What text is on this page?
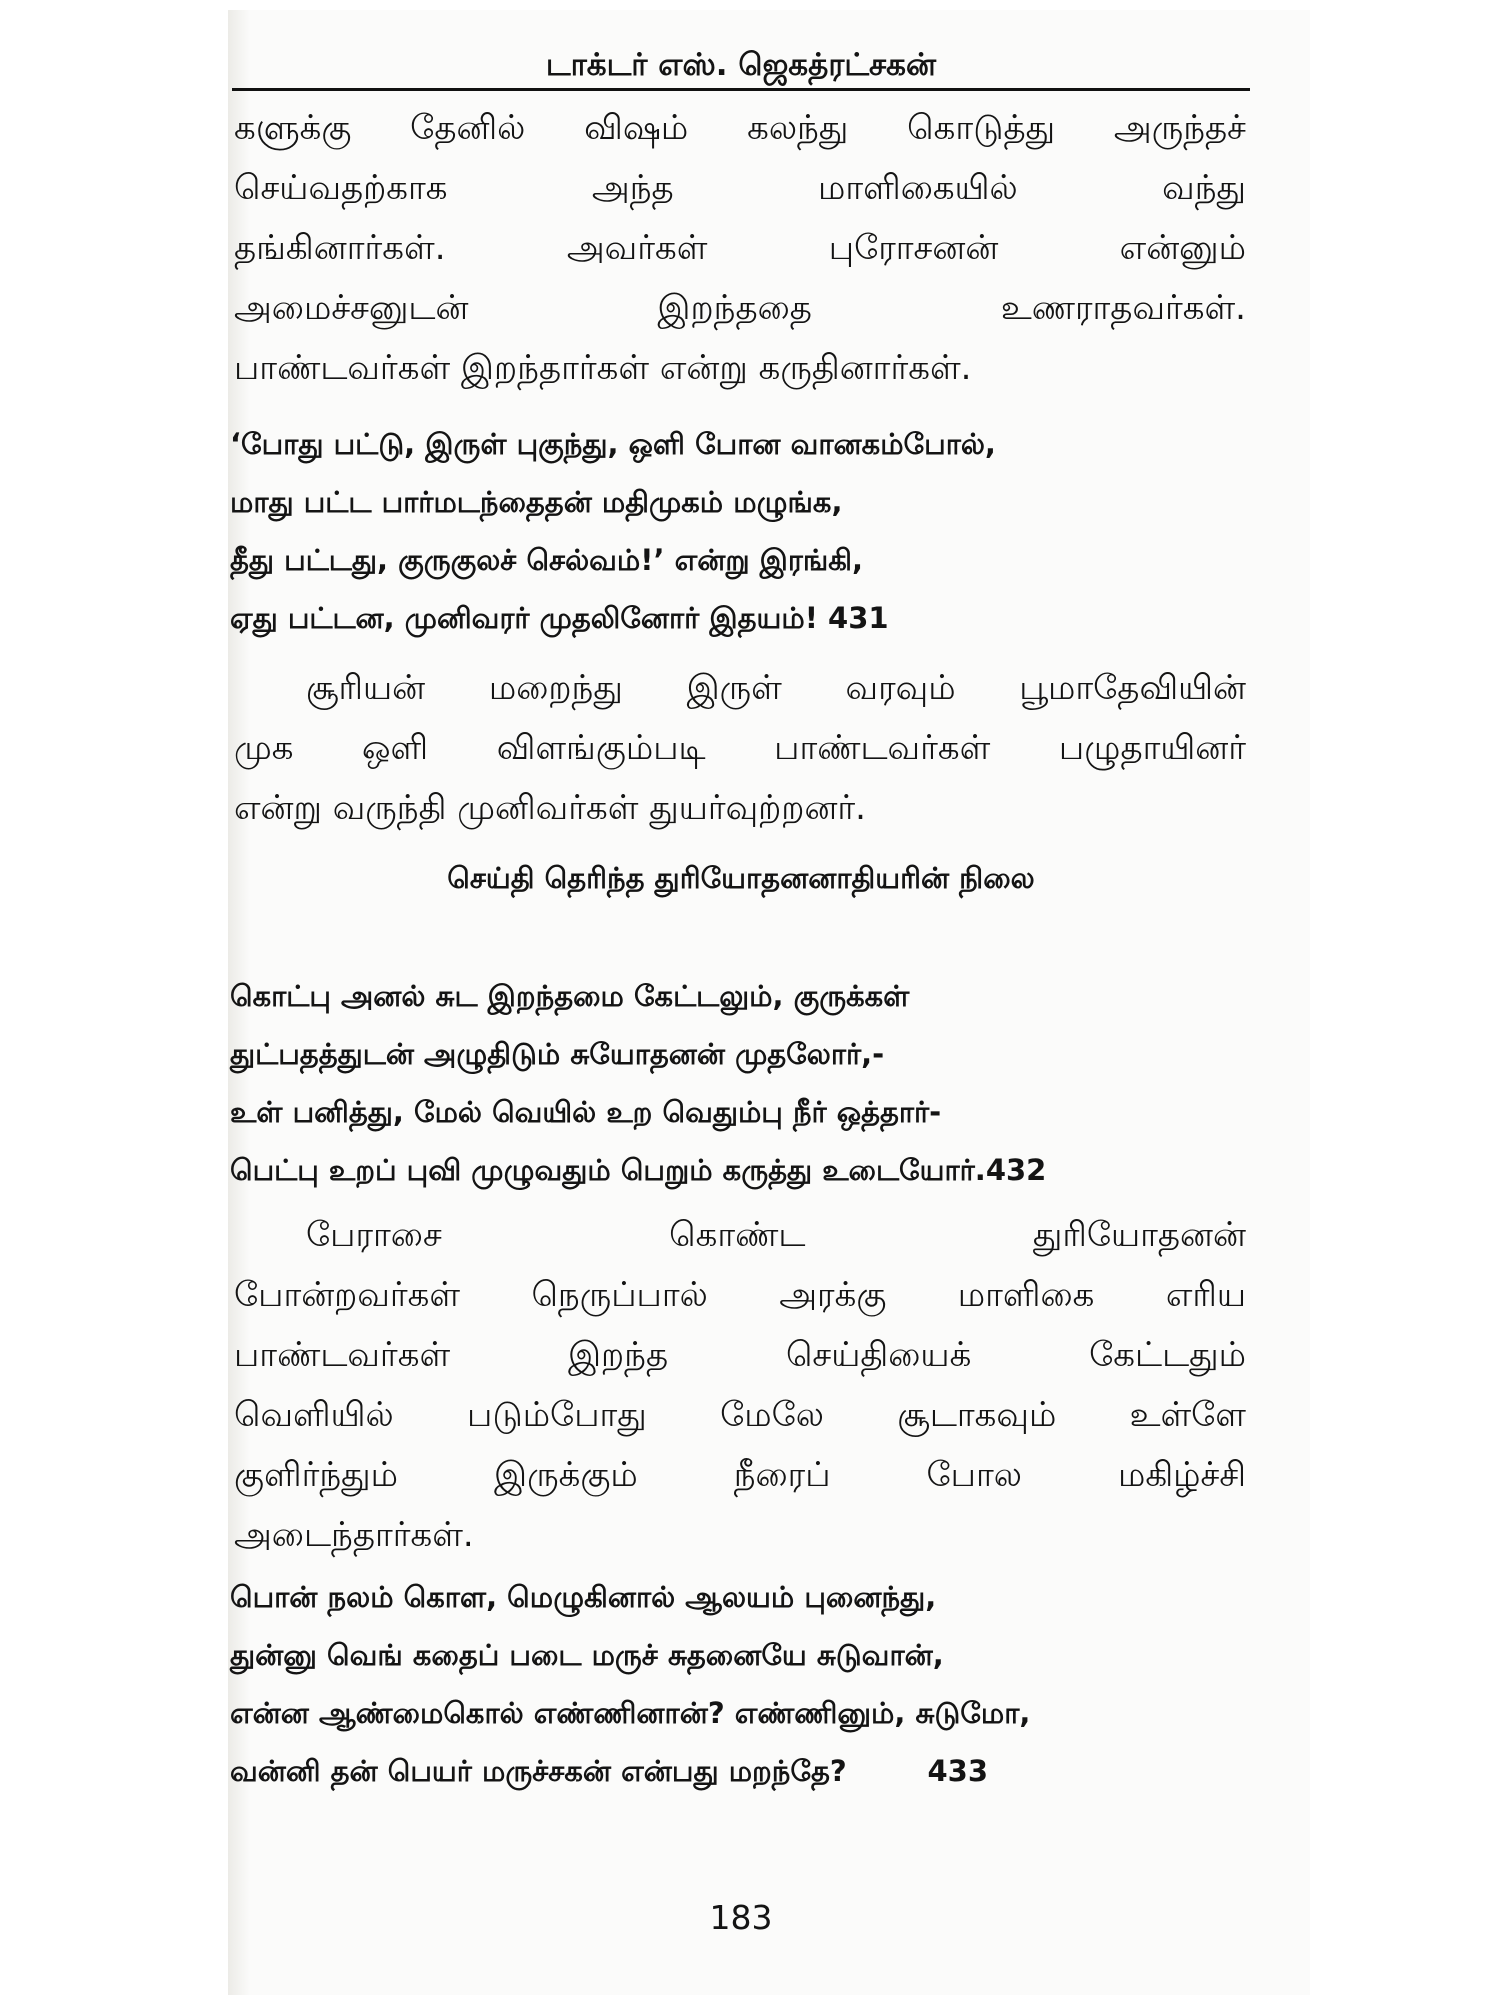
டாக்டர் எஸ். ஜெகத்ரட்சகன்
களுக்கு தேனில் விஷம் கலந்து கொடுத்து அருந்தச்
செய்வதற்காக அந்த மாளிகையில் வந்து
தங்கினார்கள். அவர்கள் புரோசனன் என்னும்
அமைச்சனுடன் இறந்ததை உணராதவர்கள்.
பாண்டவர்கள் இறந்தார்கள் என்று கருதினார்கள்.
‘போது பட்டு, இருள் புகுந்து, ஒளி போன வானகம்போல்,
மாது பட்ட பார்மடந்தைதன் மதிமுகம் மழுங்க,
தீது பட்டது, குருகுலச் செல்வம்!’ என்று இரங்கி,
ஏது பட்டன, முனிவரர் முதலினோர் இதயம்! 431
சூரியன் மறைந்து இருள் வரவும் பூமாதேவியின்
முக ஒளி விளங்கும்படி பாண்டவர்கள் பழுதாயினர்
என்று வருந்தி முனிவர்கள் துயர்வுற்றனர்.
செய்தி தெரிந்த துரியோதனனாதியரின் நிலை
கொட்பு அனல் சுட இறந்தமை கேட்டலும், குருக்கள்
துட்பதத்துடன் அழுதிடும் சுயோதனன் முதலோர்,-
உள் பனித்து, மேல் வெயில் உற வெதும்பு நீர் ஒத்தார்-
பெட்பு உறப் புவி முழுவதும் பெறும் கருத்து உடையோர்.432
பேராசை கொண்ட துரியோதனன்
போன்றவர்கள் நெருப்பால் அரக்கு மாளிகை எரிய
பாண்டவர்கள் இறந்த செய்தியைக் கேட்டதும்
வெளியில் படும்போது மேலே சூடாகவும் உள்ளே
குளிர்ந்தும் இருக்கும் நீரைப் போல மகிழ்ச்சி
அடைந்தார்கள்.
பொன் நலம் கொள, மெழுகினால் ஆலயம் புனைந்து,
துன்னு வெங் கதைப் படை மருச் சுதனையே சுடுவான்,
என்ன ஆண்மைகொல் எண்ணினான்? எண்ணினும், சுடுமோ,
வன்னி தன் பெயர் மருச்சகன் என்பது மறந்தே?        433
183
